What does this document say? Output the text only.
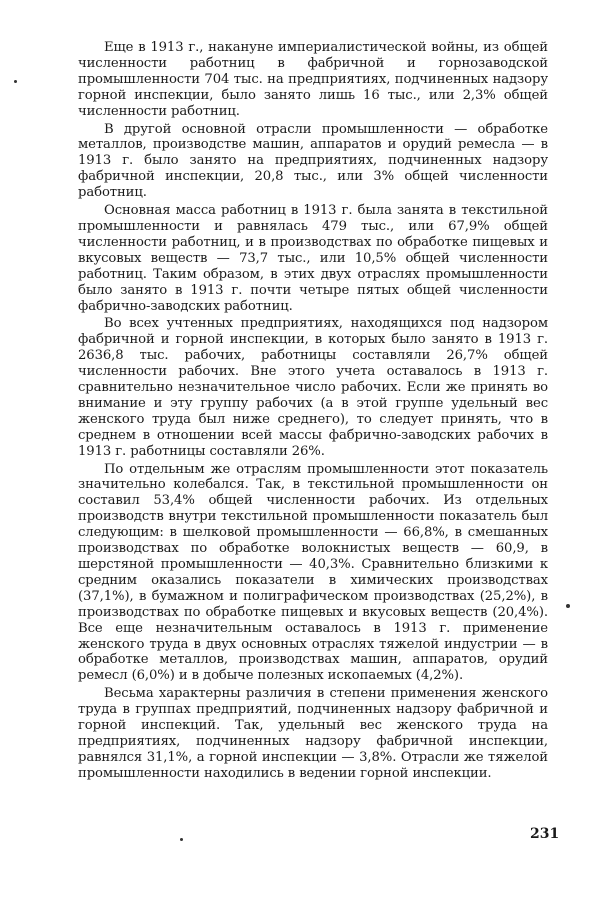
Еще в 1913 г., накануне империалистической войны, из общей численности работниц в фабричной и горнозаводской промышленности 704 тыс. на предприятиях, подчиненных надзору горной инспекции, было занято лишь 16 тыс., или 2,3% общей численности работниц.

В другой основной отрасли промышленности — обработке металлов, производстве машин, аппаратов и орудий ремесла — в 1913 г. было занято на предприятиях, подчиненных надзору фабричной инспекции, 20,8 тыс., или 3% общей численности работниц.

Основная масса работниц в 1913 г. была занята в текстильной промышленности и равнялась 479 тыс., или 67,9% общей численности работниц, и в производствах по обработке пищевых и вкусовых веществ — 73,7 тыс., или 10,5% общей численности работниц. Таким образом, в этих двух отраслях промышленности было занято в 1913 г. почти четыре пятых общей численности фабрично-заводских работниц.

Во всех учтенных предприятиях, находящихся под надзором фабричной и горной инспекции, в которых было занято в 1913 г. 2636,8 тыс. рабочих, работницы составляли 26,7% общей численности рабочих. Вне этого учета оставалось в 1913 г. сравнительно незначительное число рабочих. Если же принять во внимание и эту группу рабочих (а в этой группе удельный вес женского труда был ниже среднего), то следует принять, что в среднем в отношении всей массы фабрично-заводских рабочих в 1913 г. работницы составляли 26%.

По отдельным же отраслям промышленности этот показатель значительно колебался. Так, в текстильной промышленности он составил 53,4% общей численности рабочих. Из отдельных производств внутри текстильной промышленности показатель был следующим: в шелковой промышленности — 66,8%, в смешанных производствах по обработке волокнистых веществ — 60,9, в шерстяной промышленности — 40,3%. Сравнительно близкими к средним оказались показатели в химических производствах (37,1%), в бумажном и полиграфическом производствах (25,2%), в производствах по обработке пищевых и вкусовых веществ (20,4%). Все еще незначительным оставалось в 1913 г. применение женского труда в двух основных отраслях тяжелой индустрии — в обработке металлов, производствах машин, аппаратов, орудий ремесл (6,0%) и в добыче полезных ископаемых (4,2%).

Весьма характерны различия в степени применения женского труда в группах предприятий, подчиненных надзору фабричной и горной инспекций. Так, удельный вес женского труда на предприятиях, подчиненных надзору фабричной инспекции, равнялся 31,1%, а горной инспекции — 3,8%. Отрасли же тяжелой промышленности находились в ведении горной инспекции.

231
